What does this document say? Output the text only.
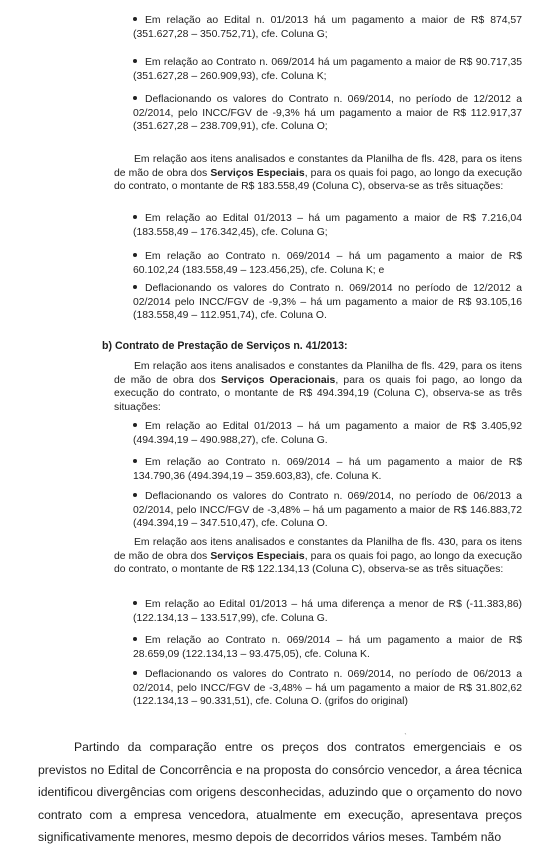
Em relação ao Edital n. 01/2013 há um pagamento a maior de R$ 874,57 (351.627,28 – 350.752,71), cfe. Coluna G;
Em relação ao Contrato n. 069/2014 há um pagamento a maior de R$ 90.717,35 (351.627,28 – 260.909,93), cfe. Coluna K;
Deflacionando os valores do Contrato n. 069/2014, no período de 12/2012 a 02/2014, pelo INCC/FGV de -9,3% há um pagamento a maior de R$ 112.917,37 (351.627,28 – 238.709,91), cfe. Coluna O;

Em relação aos itens analisados e constantes da Planilha de fls. 428, para os itens de mão de obra dos Serviços Especiais, para os quais foi pago, ao longo da execução do contrato, o montante de R$ 183.558,49 (Coluna C), observa-se as três situações:

Em relação ao Edital 01/2013 – há um pagamento a maior de R$ 7.216,04 (183.558,49 – 176.342,45), cfe. Coluna G;
Em relação ao Contrato n. 069/2014 – há um pagamento a maior de R$ 60.102,24 (183.558,49 – 123.456,25), cfe. Coluna K; e
Deflacionando os valores do Contrato n. 069/2014 no período de 12/2012 a 02/2014 pelo INCC/FGV de -9,3% – há um pagamento a maior de R$ 93.105,16 (183.558,49 – 112.951,74), cfe. Coluna O.
b) Contrato de Prestação de Serviços n. 41/2013:

Em relação aos itens analisados e constantes da Planilha de fls. 429, para os itens de mão de obra dos Serviços Operacionais, para os quais foi pago, ao longo da execução do contrato, o montante de R$ 494.394,19 (Coluna C), observa-se as três situações:

Em relação ao Edital 01/2013 – há um pagamento a maior de R$ 3.405,92 (494.394,19 – 490.988,27), cfe. Coluna G.
Em relação ao Contrato n. 069/2014 – há um pagamento a maior de R$ 134.790,36 (494.394,19 – 359.603,83), cfe. Coluna K.
Deflacionando os valores do Contrato n. 069/2014, no período de 06/2013 a 02/2014, pelo INCC/FGV de -3,48% – há um pagamento a maior de R$ 146.883,72 (494.394,19 – 347.510,47), cfe. Coluna O.

Em relação aos itens analisados e constantes da Planilha de fls. 430, para os itens de mão de obra dos Serviços Especiais, para os quais foi pago, ao longo da execução do contrato, o montante de R$ 122.134,13 (Coluna C), observa-se as três situações:

Em relação ao Edital 01/2013 – há uma diferença a menor de R$ (-11.383,86) (122.134,13 – 133.517,99), cfe. Coluna G.
Em relação ao Contrato n. 069/2014 – há um pagamento a maior de R$ 28.659,09 (122.134,13 – 93.475,05), cfe. Coluna K.
Deflacionando os valores do Contrato n. 069/2014, no período de 06/2013 a 02/2014, pelo INCC/FGV de -3,48% – há um pagamento a maior de R$ 31.802,62 (122.134,13 – 90.331,51), cfe. Coluna O. (grifos do original)
ˋ

Partindo da comparação entre os preços dos contratos emergenciais e os previstos no Edital de Concorrência e na proposta do consórcio vencedor, a área técnica identificou divergências com origens desconhecidas, aduzindo que o orçamento do novo contrato com a empresa vencedora, atualmente em execução, apresentava preços significativamente menores, mesmo depois de decorridos vários meses. Também não
